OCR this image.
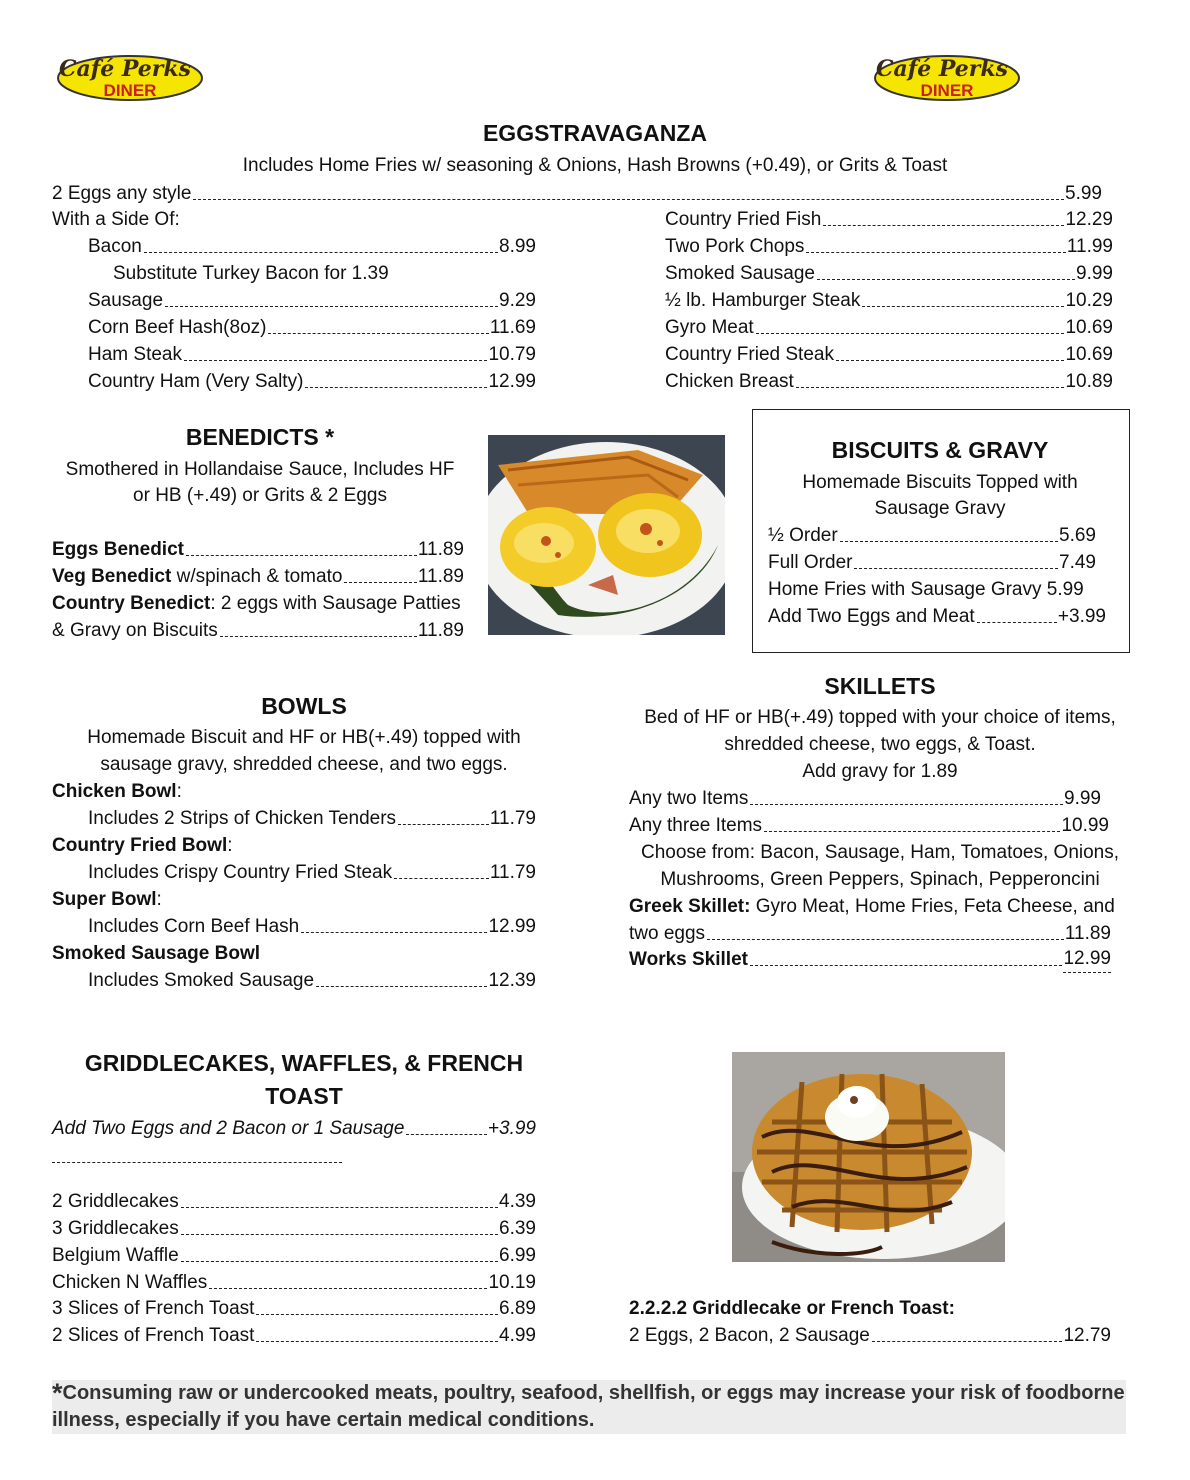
Café Perks
DINER
Café Perks
DINER
EGGSTRAVAGANZA
Includes Home Fries w/ seasoning & Onions, Hash Browns (+0.49), or Grits & Toast
2 Eggs any style	5.99
With a Side Of:
Bacon	8.99
Substitute Turkey Bacon for 1.39
Sausage	9.29
Corn Beef Hash(8oz)	11.69
Ham Steak	10.79
Country Ham (Very Salty)	12.99
Country Fried Fish	12.29
Two Pork Chops	11.99
Smoked Sausage	9.99
½ lb. Hamburger Steak	10.29
Gyro Meat	10.69
Country Fried Steak	10.69
Chicken Breast	10.89
BENEDICTS *
Smothered in Hollandaise Sauce, Includes HF
or HB (+.49) or Grits & 2 Eggs
Eggs Benedict	11.89
Veg Benedict w/spinach & tomato	11.89
Country Benedict: 2 eggs with Sausage Patties
& Gravy on Biscuits	11.89
BISCUITS & GRAVY
Homemade Biscuits Topped with
Sausage Gravy
½ Order	5.69
Full Order	7.49
Home Fries with Sausage Gravy 5.99
Add Two Eggs and Meat	+3.99
BOWLS
Homemade Biscuit and HF or HB(+.49) topped with
sausage gravy, shredded cheese, and two eggs.
Chicken Bowl:
Includes 2 Strips of Chicken Tenders	11.79
Country Fried Bowl:
Includes Crispy Country Fried Steak	11.79
Super Bowl:
Includes Corn Beef Hash	12.99
Smoked Sausage Bowl
Includes Smoked Sausage	12.39
SKILLETS
Bed of HF or HB(+.49) topped with your choice of items,
shredded cheese, two eggs, & Toast.
Add gravy for 1.89
Any two Items	9.99
Any three Items	10.99
Choose from: Bacon, Sausage, Ham, Tomatoes, Onions,
Mushrooms, Green Peppers, Spinach, Pepperoncini
Greek Skillet: Gyro Meat, Home Fries, Feta Cheese, and
two eggs	11.89
Works Skillet	12.99
GRIDDLECAKES, WAFFLES, & FRENCH
TOAST
Add Two Eggs and 2 Bacon or 1 Sausage	+3.99
2 Griddlecakes	4.39
3 Griddlecakes	6.39
Belgium Waffle	6.99
Chicken N Waffles	10.19
3 Slices of French Toast	6.89
2 Slices of French Toast	4.99
2.2.2.2 Griddlecake or French Toast:
2 Eggs, 2 Bacon, 2 Sausage	12.79
*Consuming raw or undercooked meats, poultry, seafood, shellfish, or eggs may increase your risk of foodborne illness, especially if you have certain medical conditions.
